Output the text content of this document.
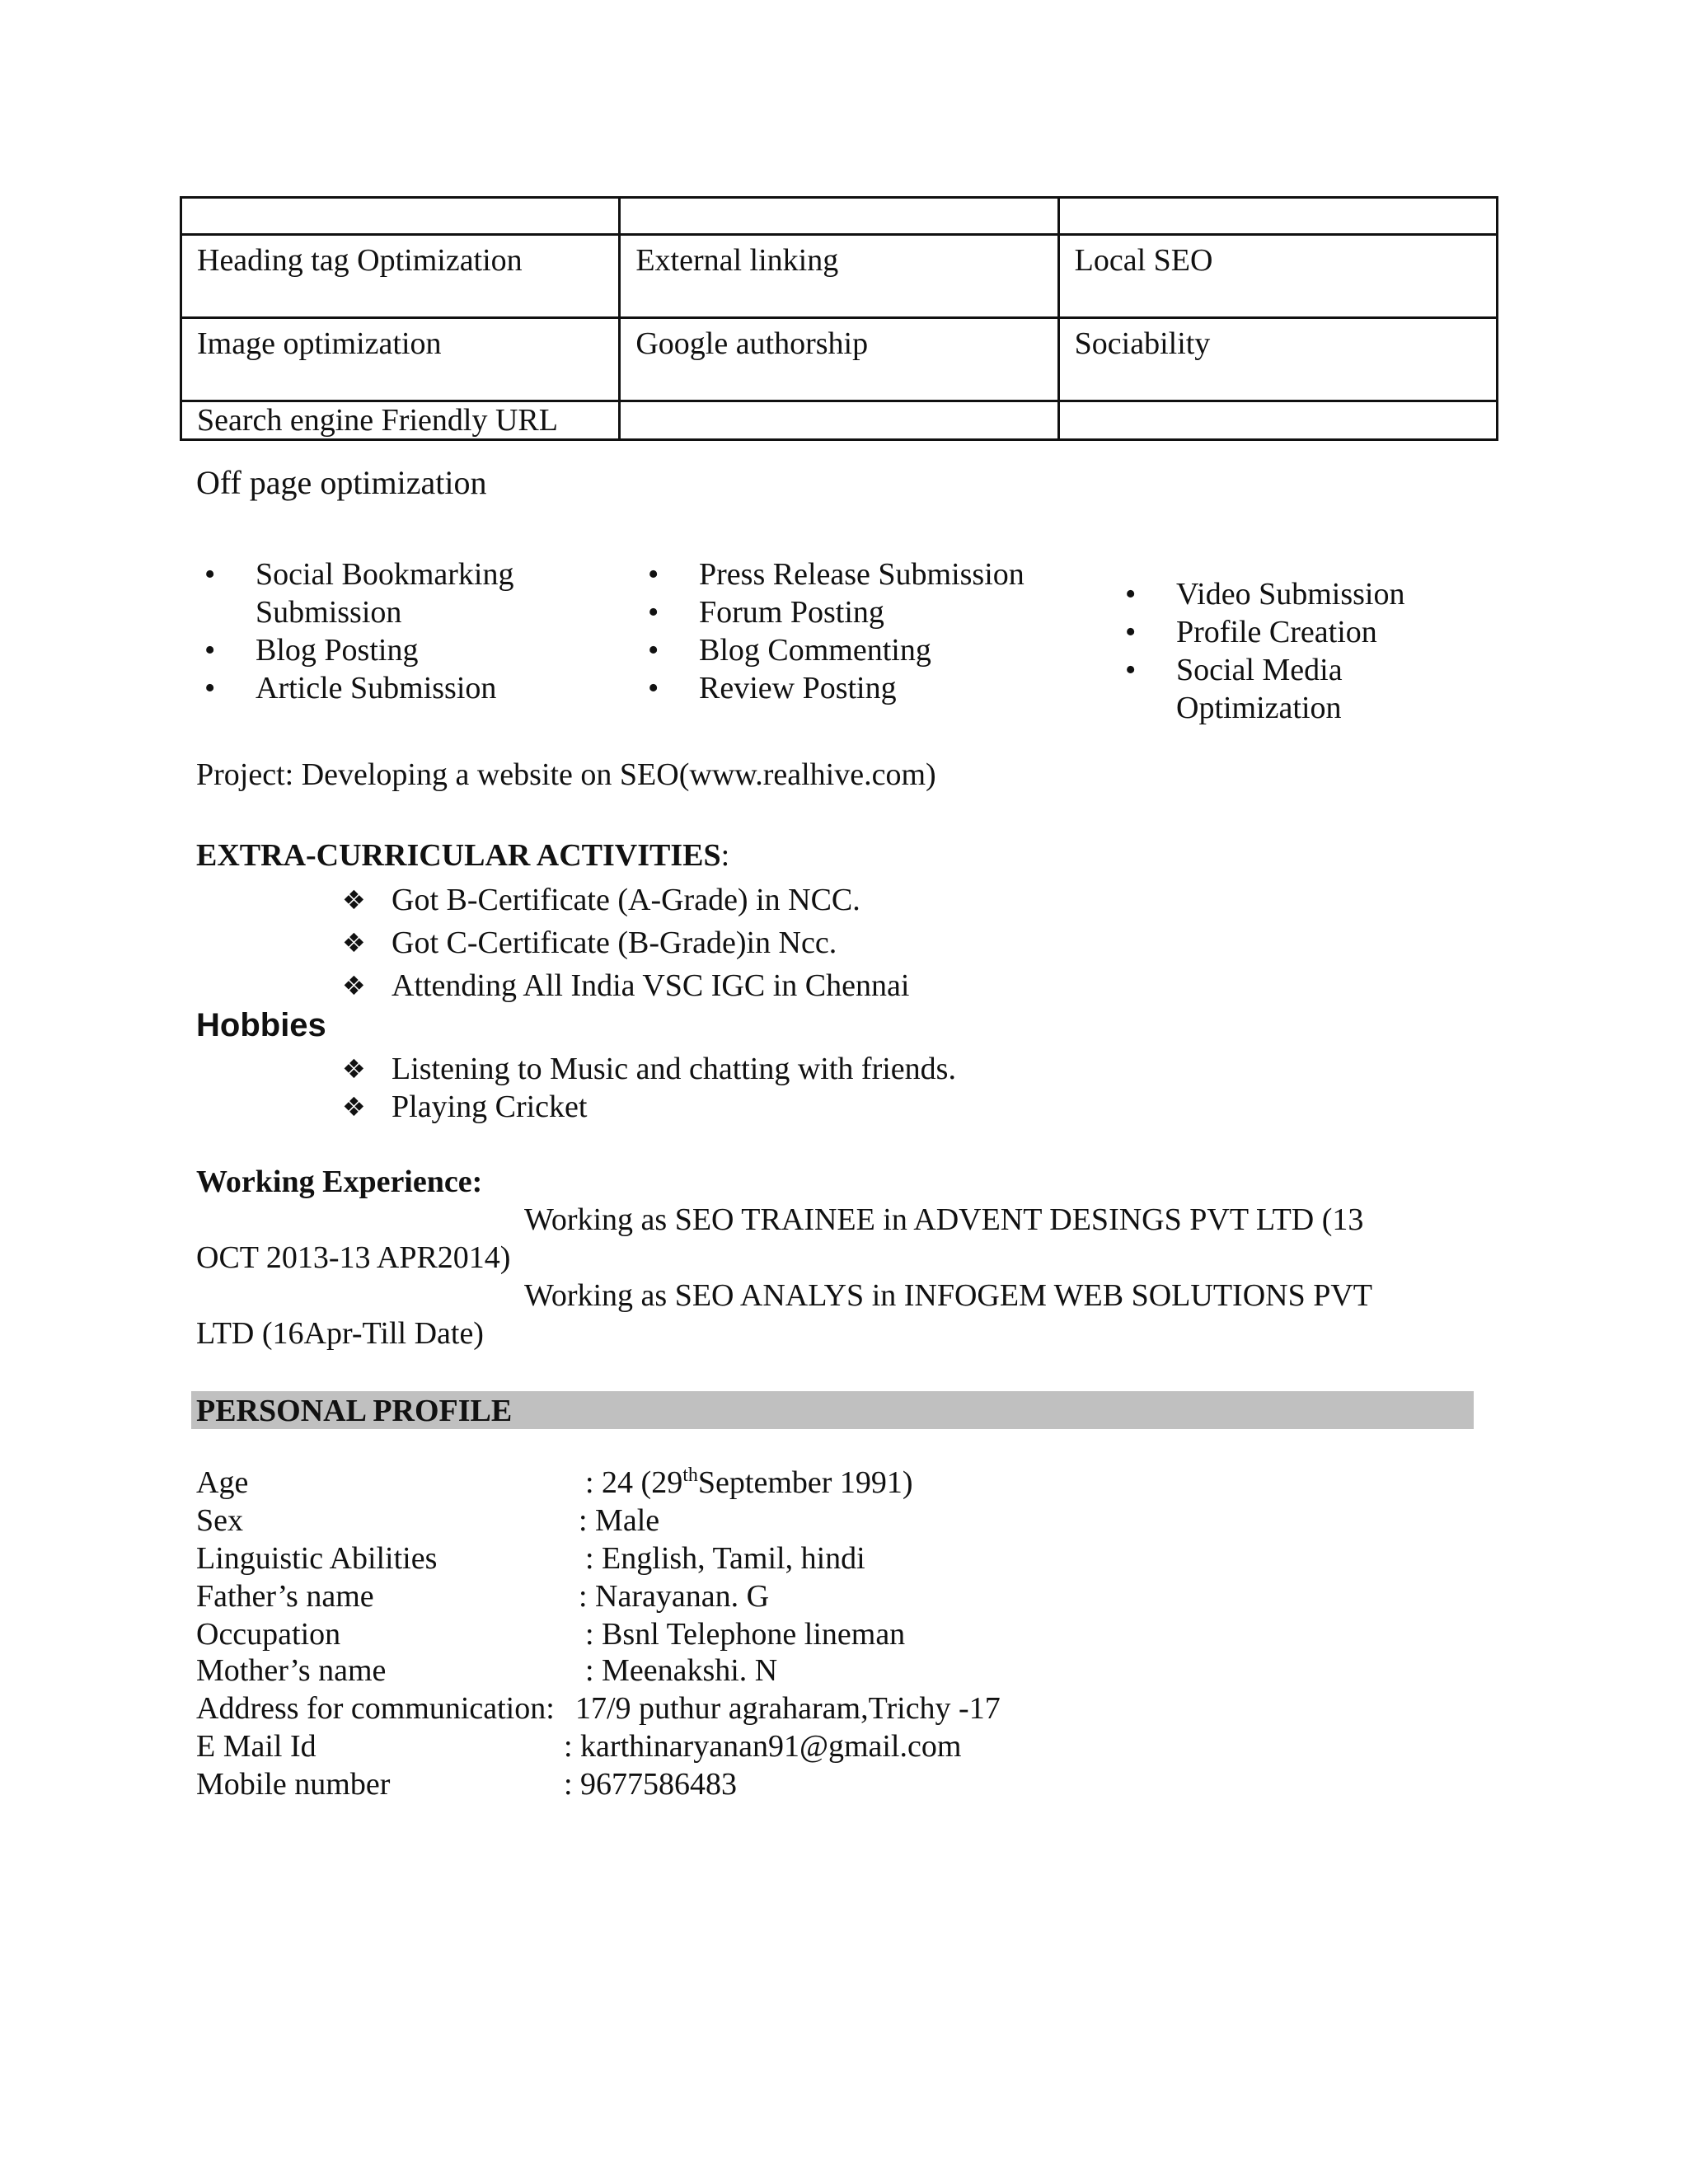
Heading tag Optimization	External linking	Local SEO
Image optimization	Google authorship	Sociability
Search engine Friendly URL		
Off page optimization
• Social Bookmarking Submission
• Blog Posting
• Article Submission
• Press Release Submission
• Forum Posting
• Blog Commenting
• Review Posting
• Video Submission
• Profile Creation
• Social Media Optimization
Project: Developing a website on SEO(www.realhive.com)
EXTRA-CURRICULAR ACTIVITIES:
❖ Got B-Certificate (A-Grade) in NCC.
❖ Got C-Certificate (B-Grade)in Ncc.
❖ Attending All India VSC IGC in Chennai
Hobbies
❖ Listening to Music and chatting with friends.
❖ Playing Cricket
Working Experience:
Working as SEO TRAINEE in ADVENT DESINGS PVT LTD (13
OCT 2013-13 APR2014)
Working as SEO ANALYS in INFOGEM WEB SOLUTIONS PVT
LTD (16Apr-Till Date)
PERSONAL PROFILE
Age	: 24 (29thSeptember 1991)
Sex	: Male
Linguistic Abilities	: English, Tamil, hindi
Father’s name	: Narayanan. G
Occupation	: Bsnl Telephone lineman
Mother’s name	: Meenakshi. N
Address for communication: 17/9 puthur agraharam,Trichy -17
E Mail Id	: karthinaryanan91@gmail.com
Mobile number	: 9677586483
